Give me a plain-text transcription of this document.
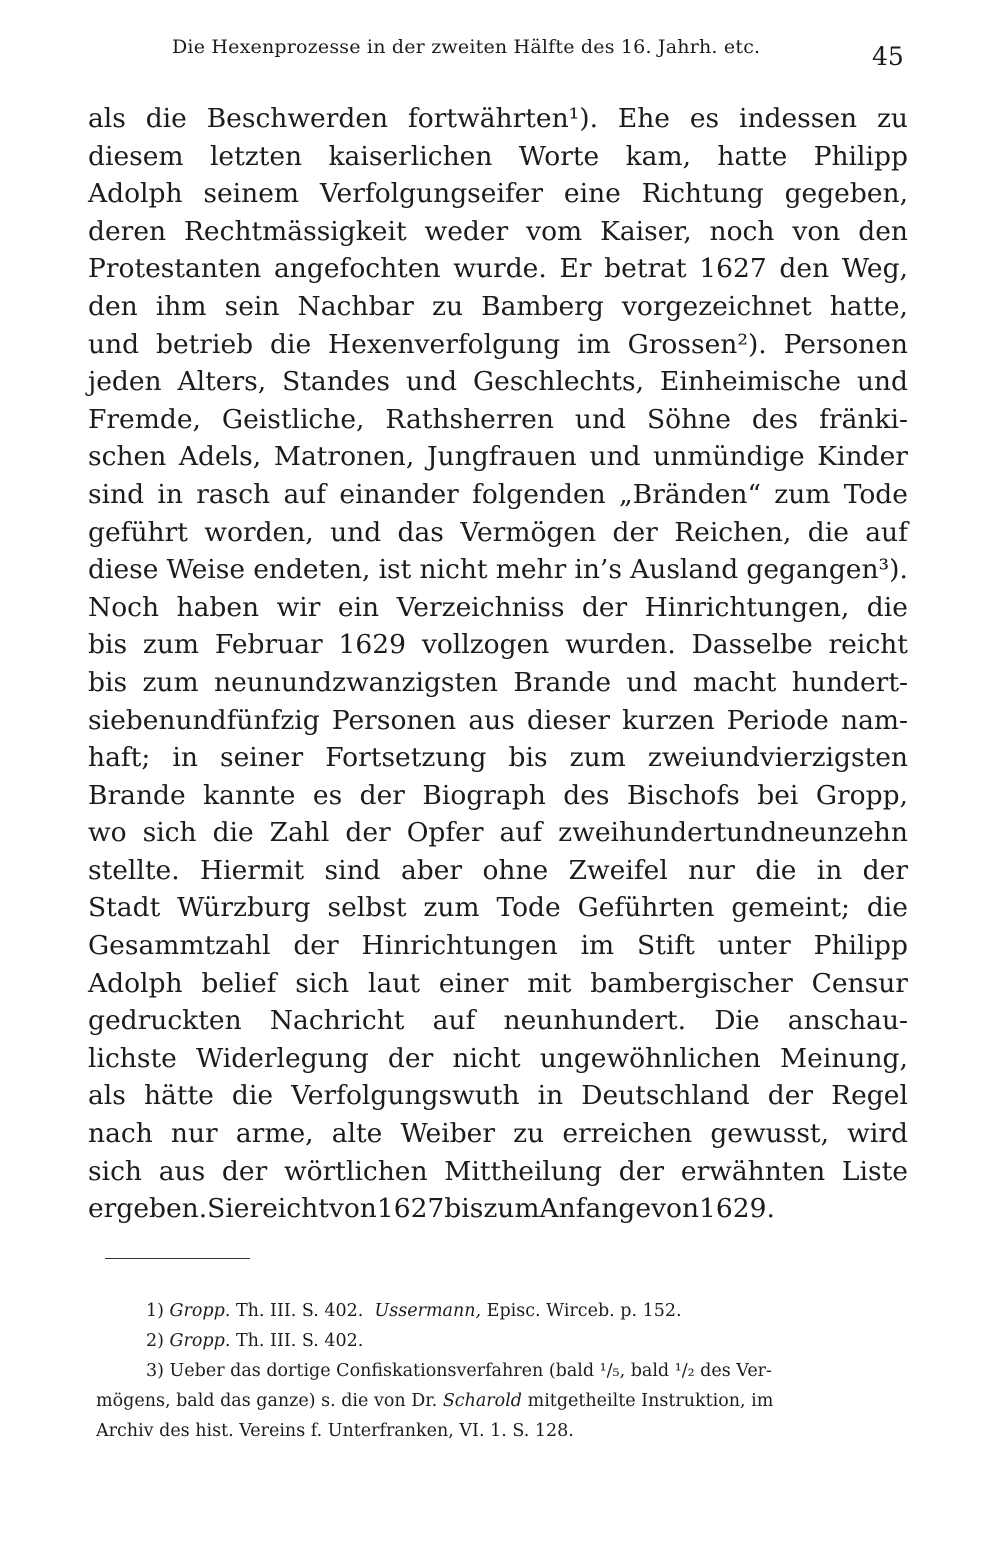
Die Hexenprozesse in der zweiten Hälfte des 16. Jahrh. etc.	45
als die Beschwerden fortwährten¹). Ehe es indessen zu
diesem letzten kaiserlichen Worte kam, hatte Philipp
Adolph seinem Verfolgungseifer eine Richtung gegeben,
deren Rechtmässigkeit weder vom Kaiser, noch von den
Protestanten angefochten wurde. Er betrat 1627 den Weg,
den ihm sein Nachbar zu Bamberg vorgezeichnet hatte,
und betrieb die Hexenverfolgung im Grossen²). Personen
jeden Alters, Standes und Geschlechts, Einheimische und
Fremde, Geistliche, Rathsherren und Söhne des fränki-
schen Adels, Matronen, Jungfrauen und unmündige Kinder
sind in rasch auf einander folgenden „Bränden“ zum Tode
geführt worden, und das Vermögen der Reichen, die auf
diese Weise endeten, ist nicht mehr in’s Ausland gegangen³).
Noch haben wir ein Verzeichniss der Hinrichtungen, die
bis zum Februar 1629 vollzogen wurden. Dasselbe reicht
bis zum neunundzwanzigsten Brande und macht hundert-
siebenundfünfzig Personen aus dieser kurzen Periode nam-
haft; in seiner Fortsetzung bis zum zweiundvierzigsten
Brande kannte es der Biograph des Bischofs bei Gropp,
wo sich die Zahl der Opfer auf zweihundertundneunzehn
stellte. Hiermit sind aber ohne Zweifel nur die in der
Stadt Würzburg selbst zum Tode Geführten gemeint; die
Gesammtzahl der Hinrichtungen im Stift unter Philipp
Adolph belief sich laut einer mit bambergischer Censur
gedruckten Nachricht auf neunhundert. Die anschau-
lichste Widerlegung der nicht ungewöhnlichen Meinung,
als hätte die Verfolgungswuth in Deutschland der Regel
nach nur arme, alte Weiber zu erreichen gewusst, wird
sich aus der wörtlichen Mittheilung der erwähnten Liste
ergeben. Sie reicht von 1627 bis zum Anfange von 1629.
1) Gropp. Th. III. S. 402. Ussermann, Episc. Wirceb. p. 152.
2) Gropp. Th. III. S. 402.
3) Ueber das dortige Confiskationsverfahren (bald ¹/₅, bald ¹/₂ des Ver-
mögens, bald das ganze) s. die von Dr. Scharold mitgetheilte Instruktion, im
Archiv des hist. Vereins f. Unterfranken, VI. 1. S. 128.
